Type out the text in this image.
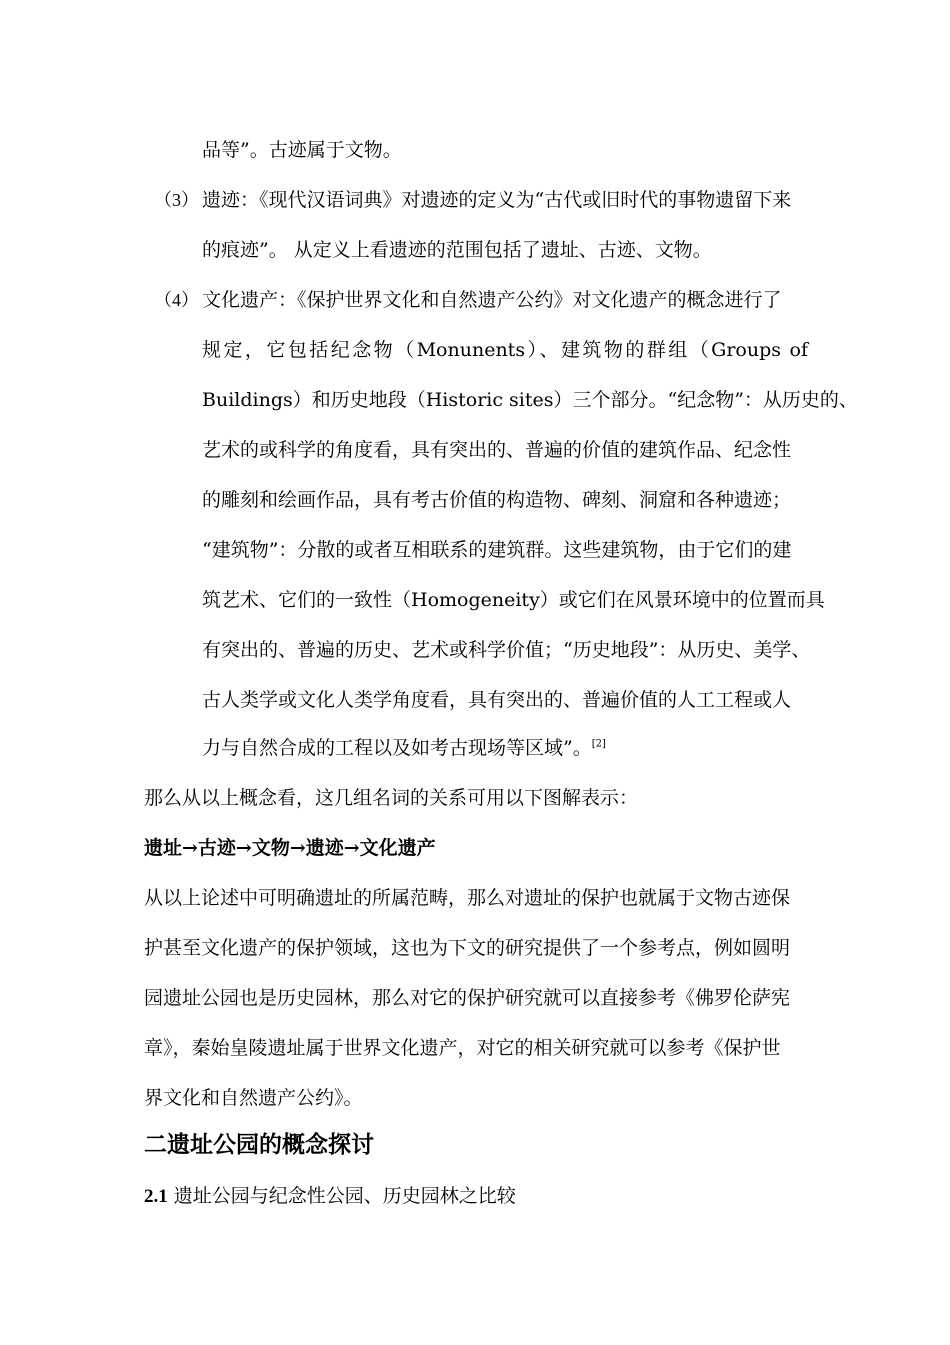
品等”。古迹属于文物。
（3） 遗迹：《现代汉语词典》对遗迹的定义为“古代或旧时代的事物遗留下来
的痕迹”。 从定义上看遗迹的范围包括了遗址、古迹、文物。
（4） 文化遗产：《保护世界文化和自然遗产公约》对文化遗产的概念进行了
规定，它包括纪念物（Monunents）、建筑物的群组（Groups of
Buildings）和历史地段（Historic sites）三个部分。“纪念物”：从历史的、
艺术的或科学的角度看，具有突出的、普遍的价值的建筑作品、纪念性
的雕刻和绘画作品，具有考古价值的构造物、碑刻、洞窟和各种遗迹；
“建筑物”：分散的或者互相联系的建筑群。这些建筑物，由于它们的建
筑艺术、它们的一致性（Homogeneity）或它们在风景环境中的位置而具
有突出的、普遍的历史、艺术或科学价值；“历史地段”：从历史、美学、
古人类学或文化人类学角度看，具有突出的、普遍价值的人工工程或人
力与自然合成的工程以及如考古现场等区域”。[2]
那么从以上概念看，这几组名词的关系可用以下图解表示：
遗址→古迹→文物→遗迹→文化遗产
从以上论述中可明确遗址的所属范畴，那么对遗址的保护也就属于文物古迹保
护甚至文化遗产的保护领域，这也为下文的研究提供了一个参考点，例如圆明
园遗址公园也是历史园林，那么对它的保护研究就可以直接参考《佛罗伦萨宪
章》，秦始皇陵遗址属于世界文化遗产，对它的相关研究就可以参考《保护世
界文化和自然遗产公约》。
二遗址公园的概念探讨
2.1 遗址公园与纪念性公园、历史园林之比较
